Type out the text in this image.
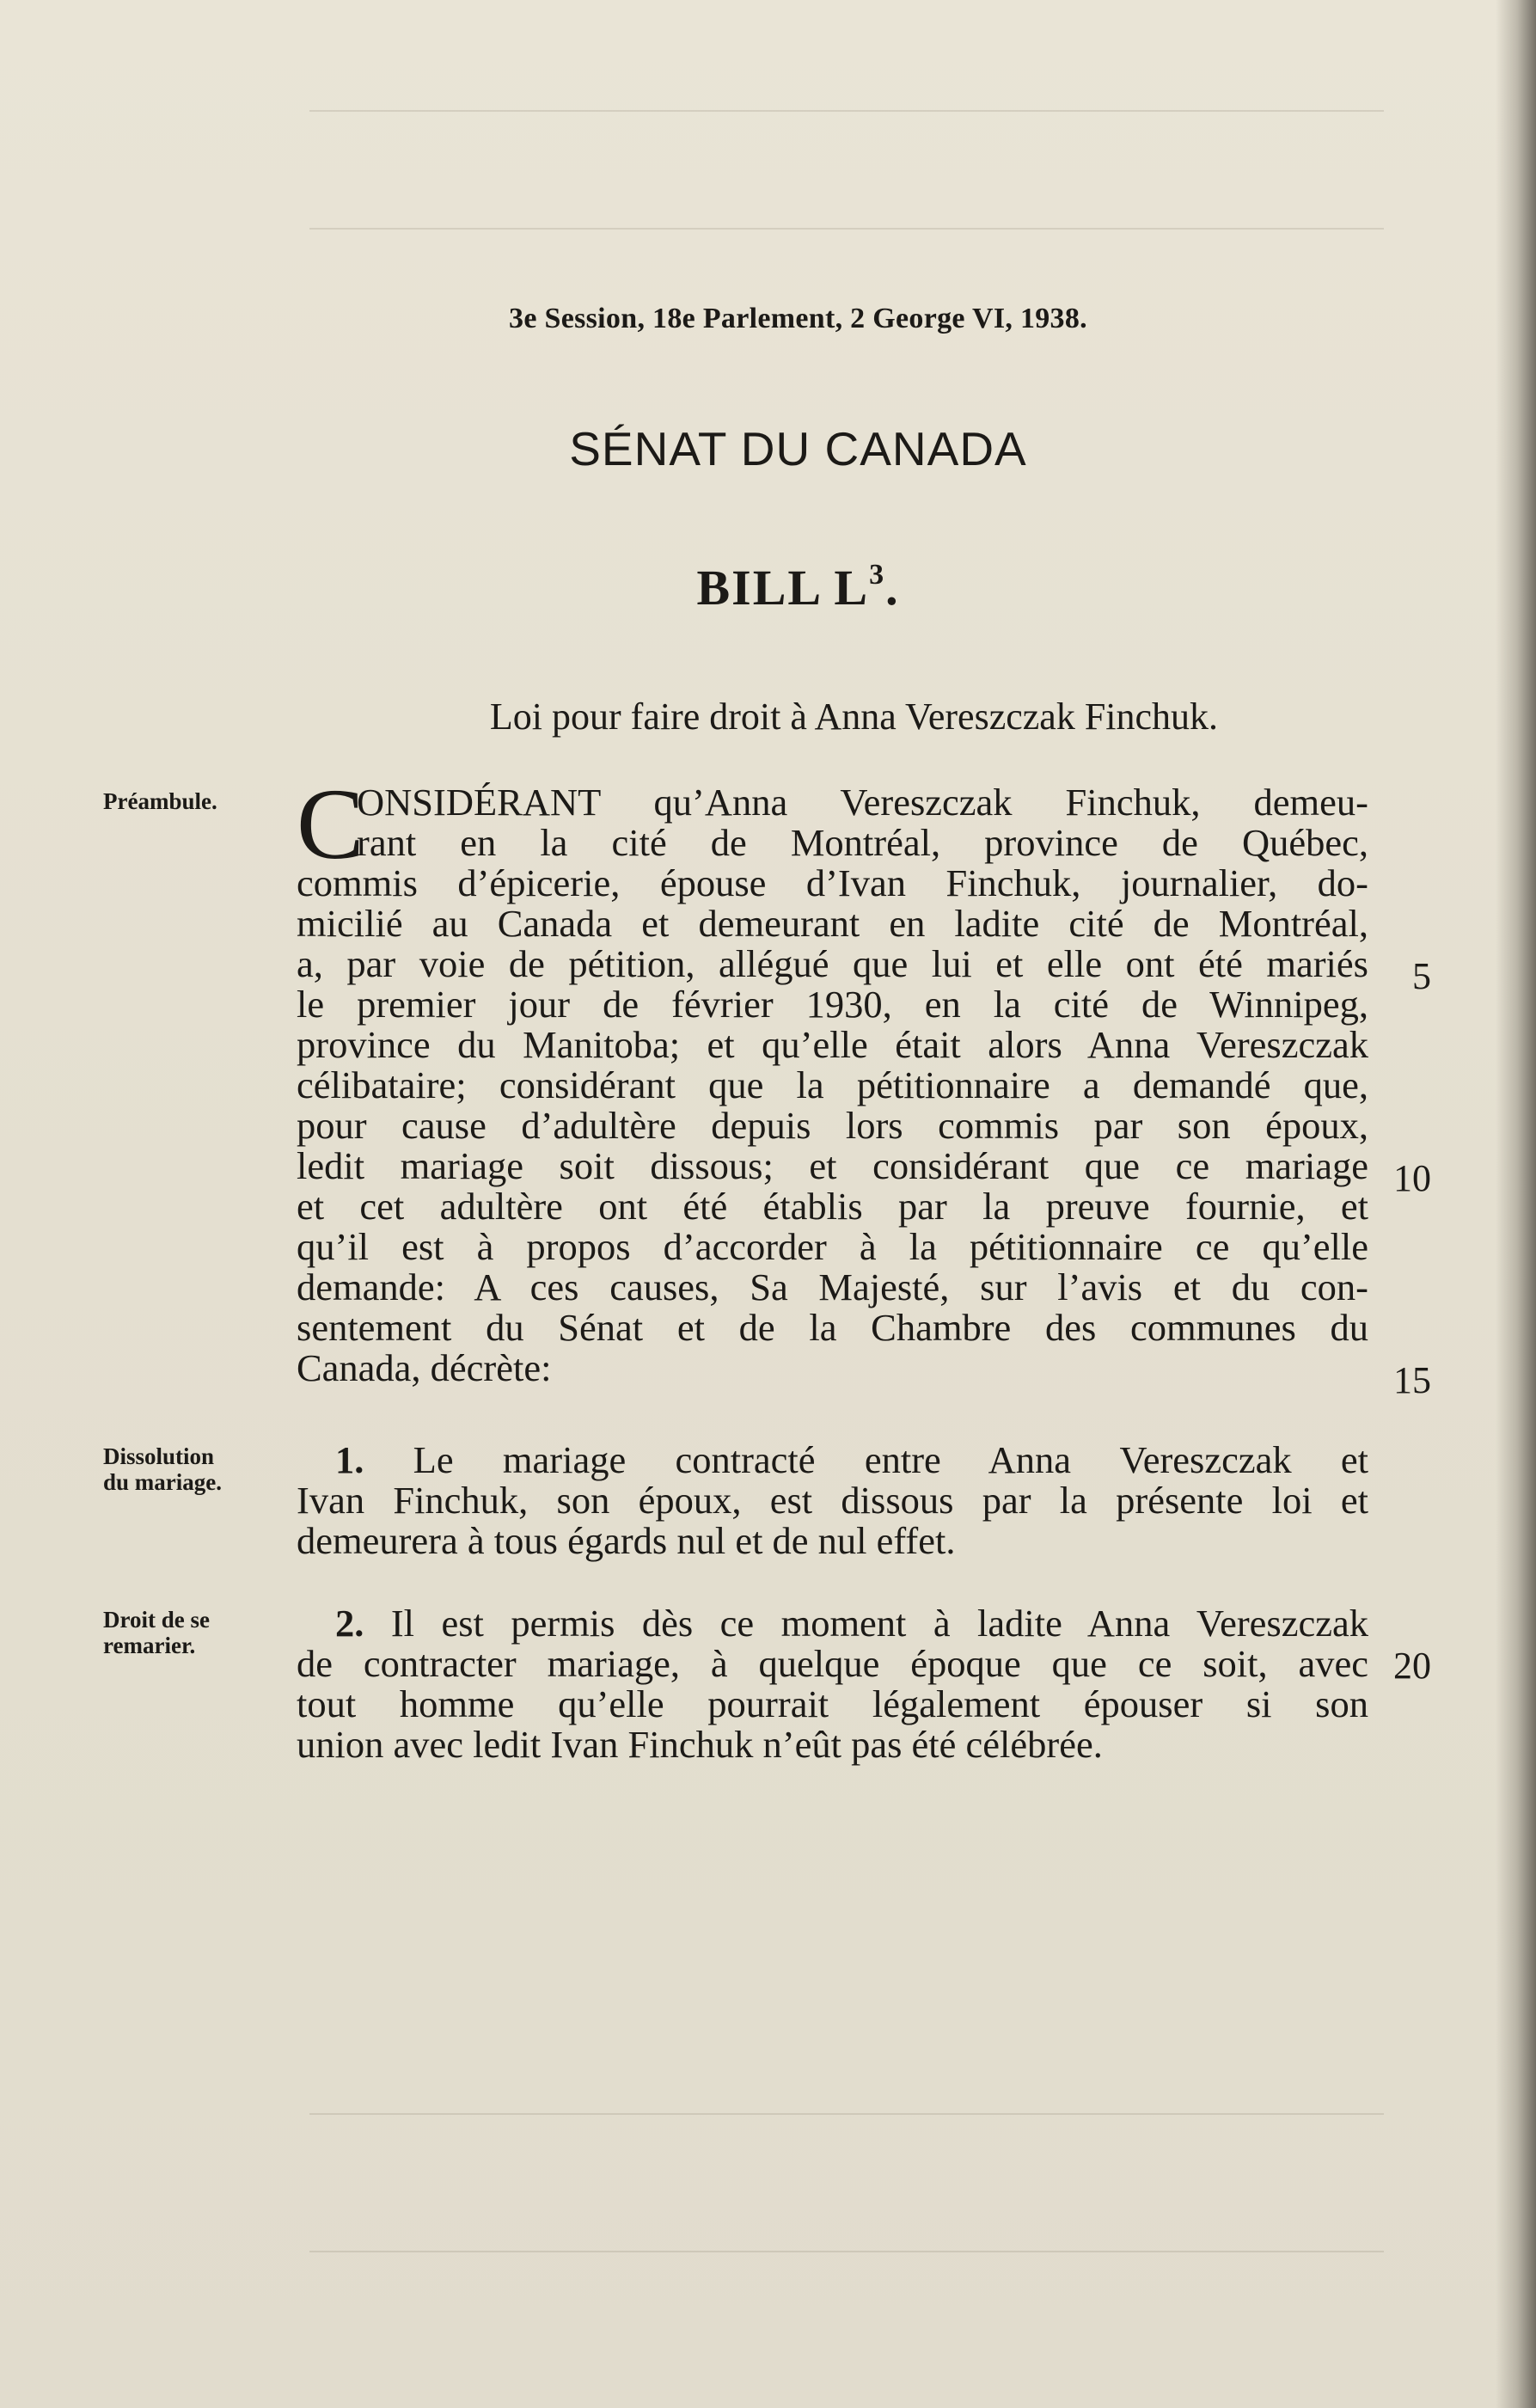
3e Session, 18e Parlement, 2 George VI, 1938.
SÉNAT DU CANADA
BILL $L^3$.
Loi pour faire droit à Anna Vereszczak Finchuk.
Préambule. C
ONSIDÉRANT qu’Anna Vereszczak Finchuk, demeu-
rant en la cité de Montréal, province de Québec,
commis d’épicerie, épouse d’Ivan Finchuk, journalier, do-
micilié au Canada et demeurant en ladite cité de Montréal,
a, par voie de pétition, allégué que lui et elle ont été mariés
le premier jour de février 1930, en la cité de Winnipeg,
province du Manitoba; et qu’elle était alors Anna Vereszczak
célibataire; considérant que la pétitionnaire a demandé que,
pour cause d’adultère depuis lors commis par son époux,
ledit mariage soit dissous; et considérant que ce mariage
et cet adultère ont été établis par la preuve fournie, et
qu’il est à propos d’accorder à la pétitionnaire ce qu’elle
demande: A ces causes, Sa Majesté, sur l’avis et du con-
sentement du Sénat et de la Chambre des communes du
Canada, décrète:
5
10
15
20
Dissolution
du mariage.
1. Le mariage contracté entre Anna Vereszczak et
Ivan Finchuk, son époux, est dissous par la présente loi et
demeurera à tous égards nul et de nul effet.
Droit de se
remarier.
2. Il est permis dès ce moment à ladite Anna Vereszczak
de contracter mariage, à quelque époque que ce soit, avec
tout homme qu’elle pourrait légalement épouser si son
union avec ledit Ivan Finchuk n’eût pas été célébrée.
